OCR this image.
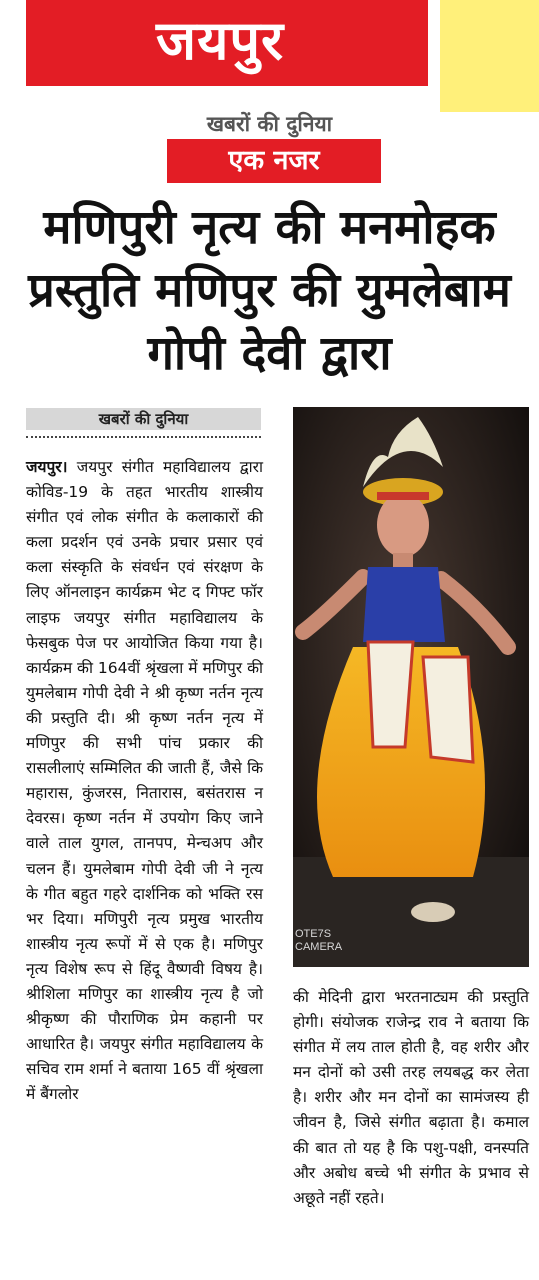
जयपुर
खबरों की दुनिया
एक नजर
मणिपुरी नृत्य की मनमोहक प्रस्तुति मणिपुर की युमलेबाम गोपी देवी द्वारा
खबरों की दुनिया
जयपुर। जयपुर संगीत महाविद्यालय द्वारा कोविड-19 के तहत भारतीय शास्त्रीय संगीत एवं लोक संगीत के कलाकारों की कला प्रदर्शन एवं उनके प्रचार प्रसार एवं कला संस्कृति के संवर्धन एवं संरक्षण के लिए ऑनलाइन कार्यक्रम भेट द गिफ्ट फॉर लाइफ जयपुर संगीत महाविद्यालय के फेसबुक पेज पर आयोजित किया गया है। कार्यक्रम की 164वीं श्रृंखला में मणिपुर की युमलेबाम गोपी देवी ने श्री कृष्ण नर्तन नृत्य की प्रस्तुति दी। श्री कृष्ण नर्तन नृत्य में मणिपुर की सभी पांच प्रकार की रासलीलाएं सम्मिलित की जाती हैं, जैसे कि महारास, कुंजरस, नितारास, बसंतरास न देवरस। कृष्ण नर्तन में उपयोग किए जाने वाले ताल युगल, तानपप, मेन्चअप और चलन हैं। युमलेबाम गोपी देवी जी ने नृत्य के गीत बहुत गहरे दार्शनिक को भक्ति रस भर दिया। मणिपुरी नृत्य प्रमुख भारतीय शास्त्रीय नृत्य रूपों में से एक है। मणिपुर नृत्य विशेष रूप से हिंदू वैष्णवी विषय है। श्रीशिला मणिपुर का शास्त्रीय नृत्य है जो श्रीकृष्ण की पौराणिक प्रेम कहानी पर आधारित है। जयपुर संगीत महाविद्यालय के सचिव राम शर्मा ने बताया 165 वीं श्रृंखला में बैंगलोर
OTE7S
CAMERA
की मेदिनी द्वारा भरतनाट्यम की प्रस्तुति होगी। संयोजक राजेन्द्र राव ने बताया कि संगीत में लय ताल होती है, वह शरीर और मन दोनों को उसी तरह लयबद्ध कर लेता है। शरीर और मन दोनों का सामंजस्य ही जीवन है, जिसे संगीत बढ़ाता है। कमाल की बात तो यह है कि पशु-पक्षी, वनस्पति और अबोध बच्चे भी संगीत के प्रभाव से अछूते नहीं रहते।
